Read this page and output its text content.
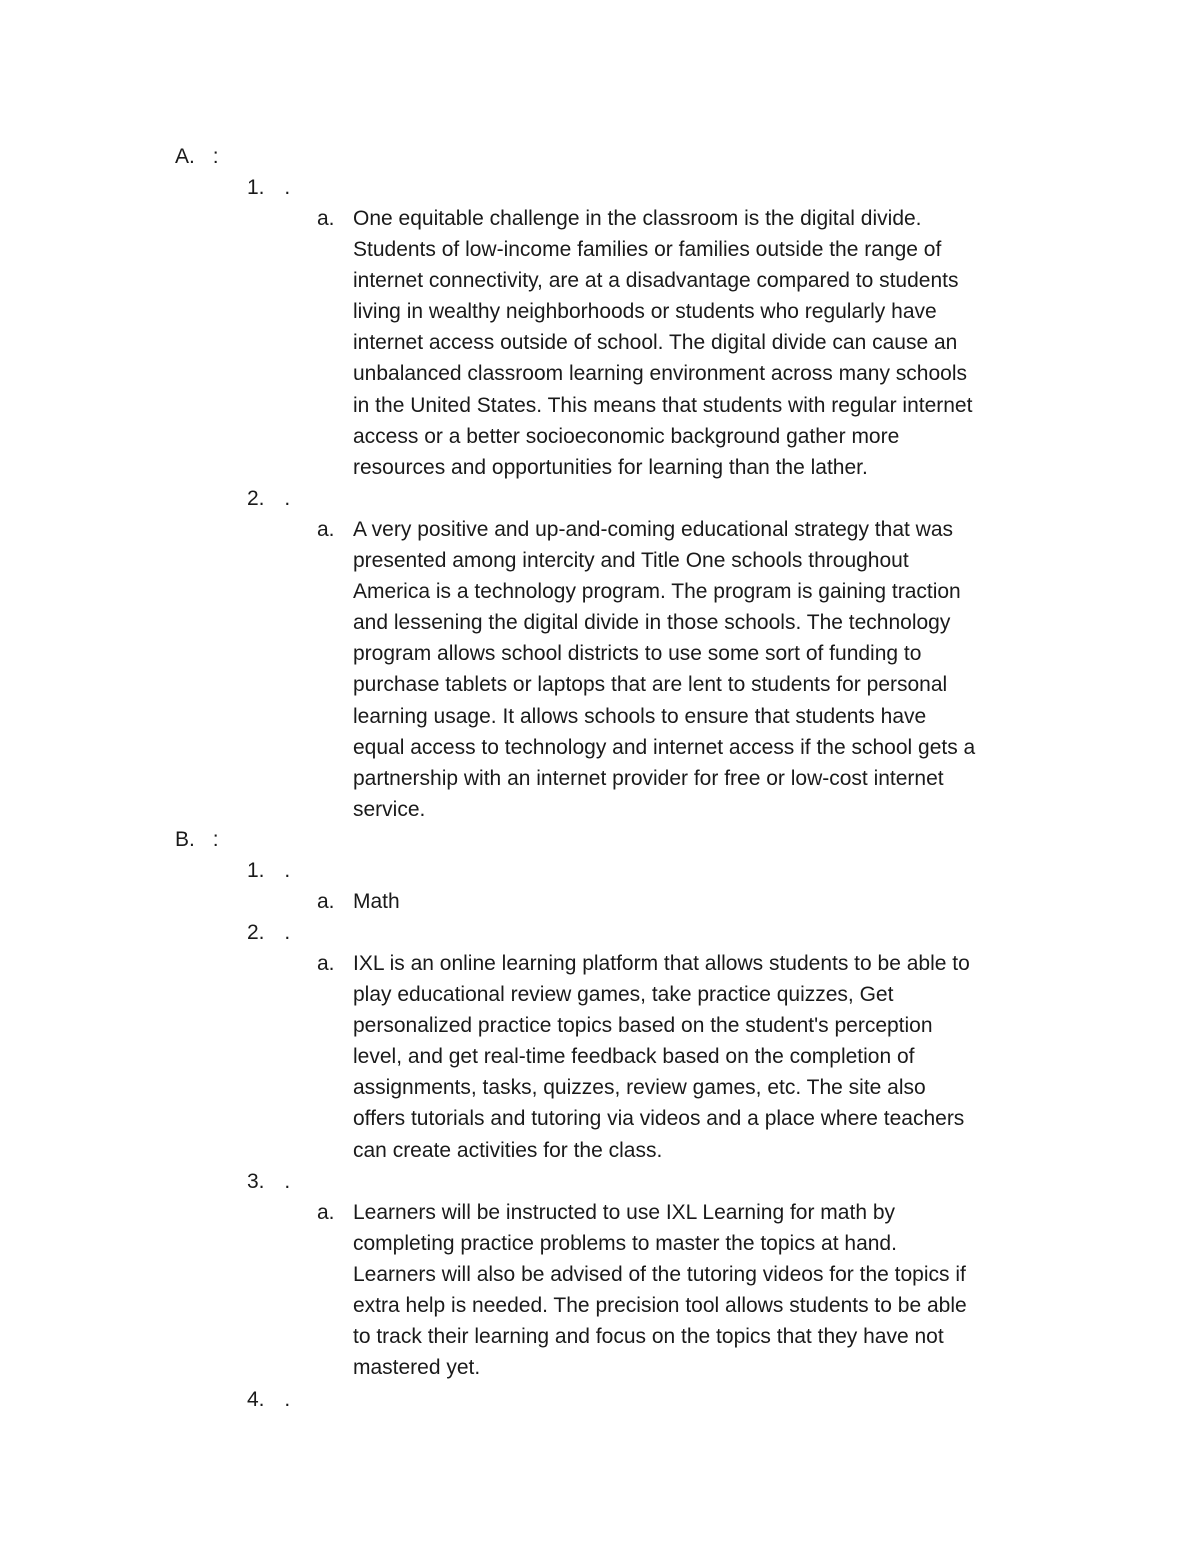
A. :
1. .
a. One equitable challenge in the classroom is the digital divide.
Students of low-income families or families outside the range of
internet connectivity, are at a disadvantage compared to students
living in wealthy neighborhoods or students who regularly have
internet access outside of school. The digital divide can cause an
unbalanced classroom learning environment across many schools
in the United States. This means that students with regular internet
access or a better socioeconomic background gather more
resources and opportunities for learning than the lather.
2. .
a. A very positive and up-and-coming educational strategy that was
presented among intercity and Title One schools throughout
America is a technology program. The program is gaining traction
and lessening the digital divide in those schools. The technology
program allows school districts to use some sort of funding to
purchase tablets or laptops that are lent to students for personal
learning usage. It allows schools to ensure that students have
equal access to technology and internet access if the school gets a
partnership with an internet provider for free or low-cost internet
service.
B. :
1. .
a. Math
2. .
a. IXL is an online learning platform that allows students to be able to
play educational review games, take practice quizzes, Get
personalized practice topics based on the student's perception
level, and get real-time feedback based on the completion of
assignments, tasks, quizzes, review games, etc. The site also
offers tutorials and tutoring via videos and a place where teachers
can create activities for the class.
3. .
a. Learners will be instructed to use IXL Learning for math by
completing practice problems to master the topics at hand.
Learners will also be advised of the tutoring videos for the topics if
extra help is needed. The precision tool allows students to be able
to track their learning and focus on the topics that they have not
mastered yet.
4. .
